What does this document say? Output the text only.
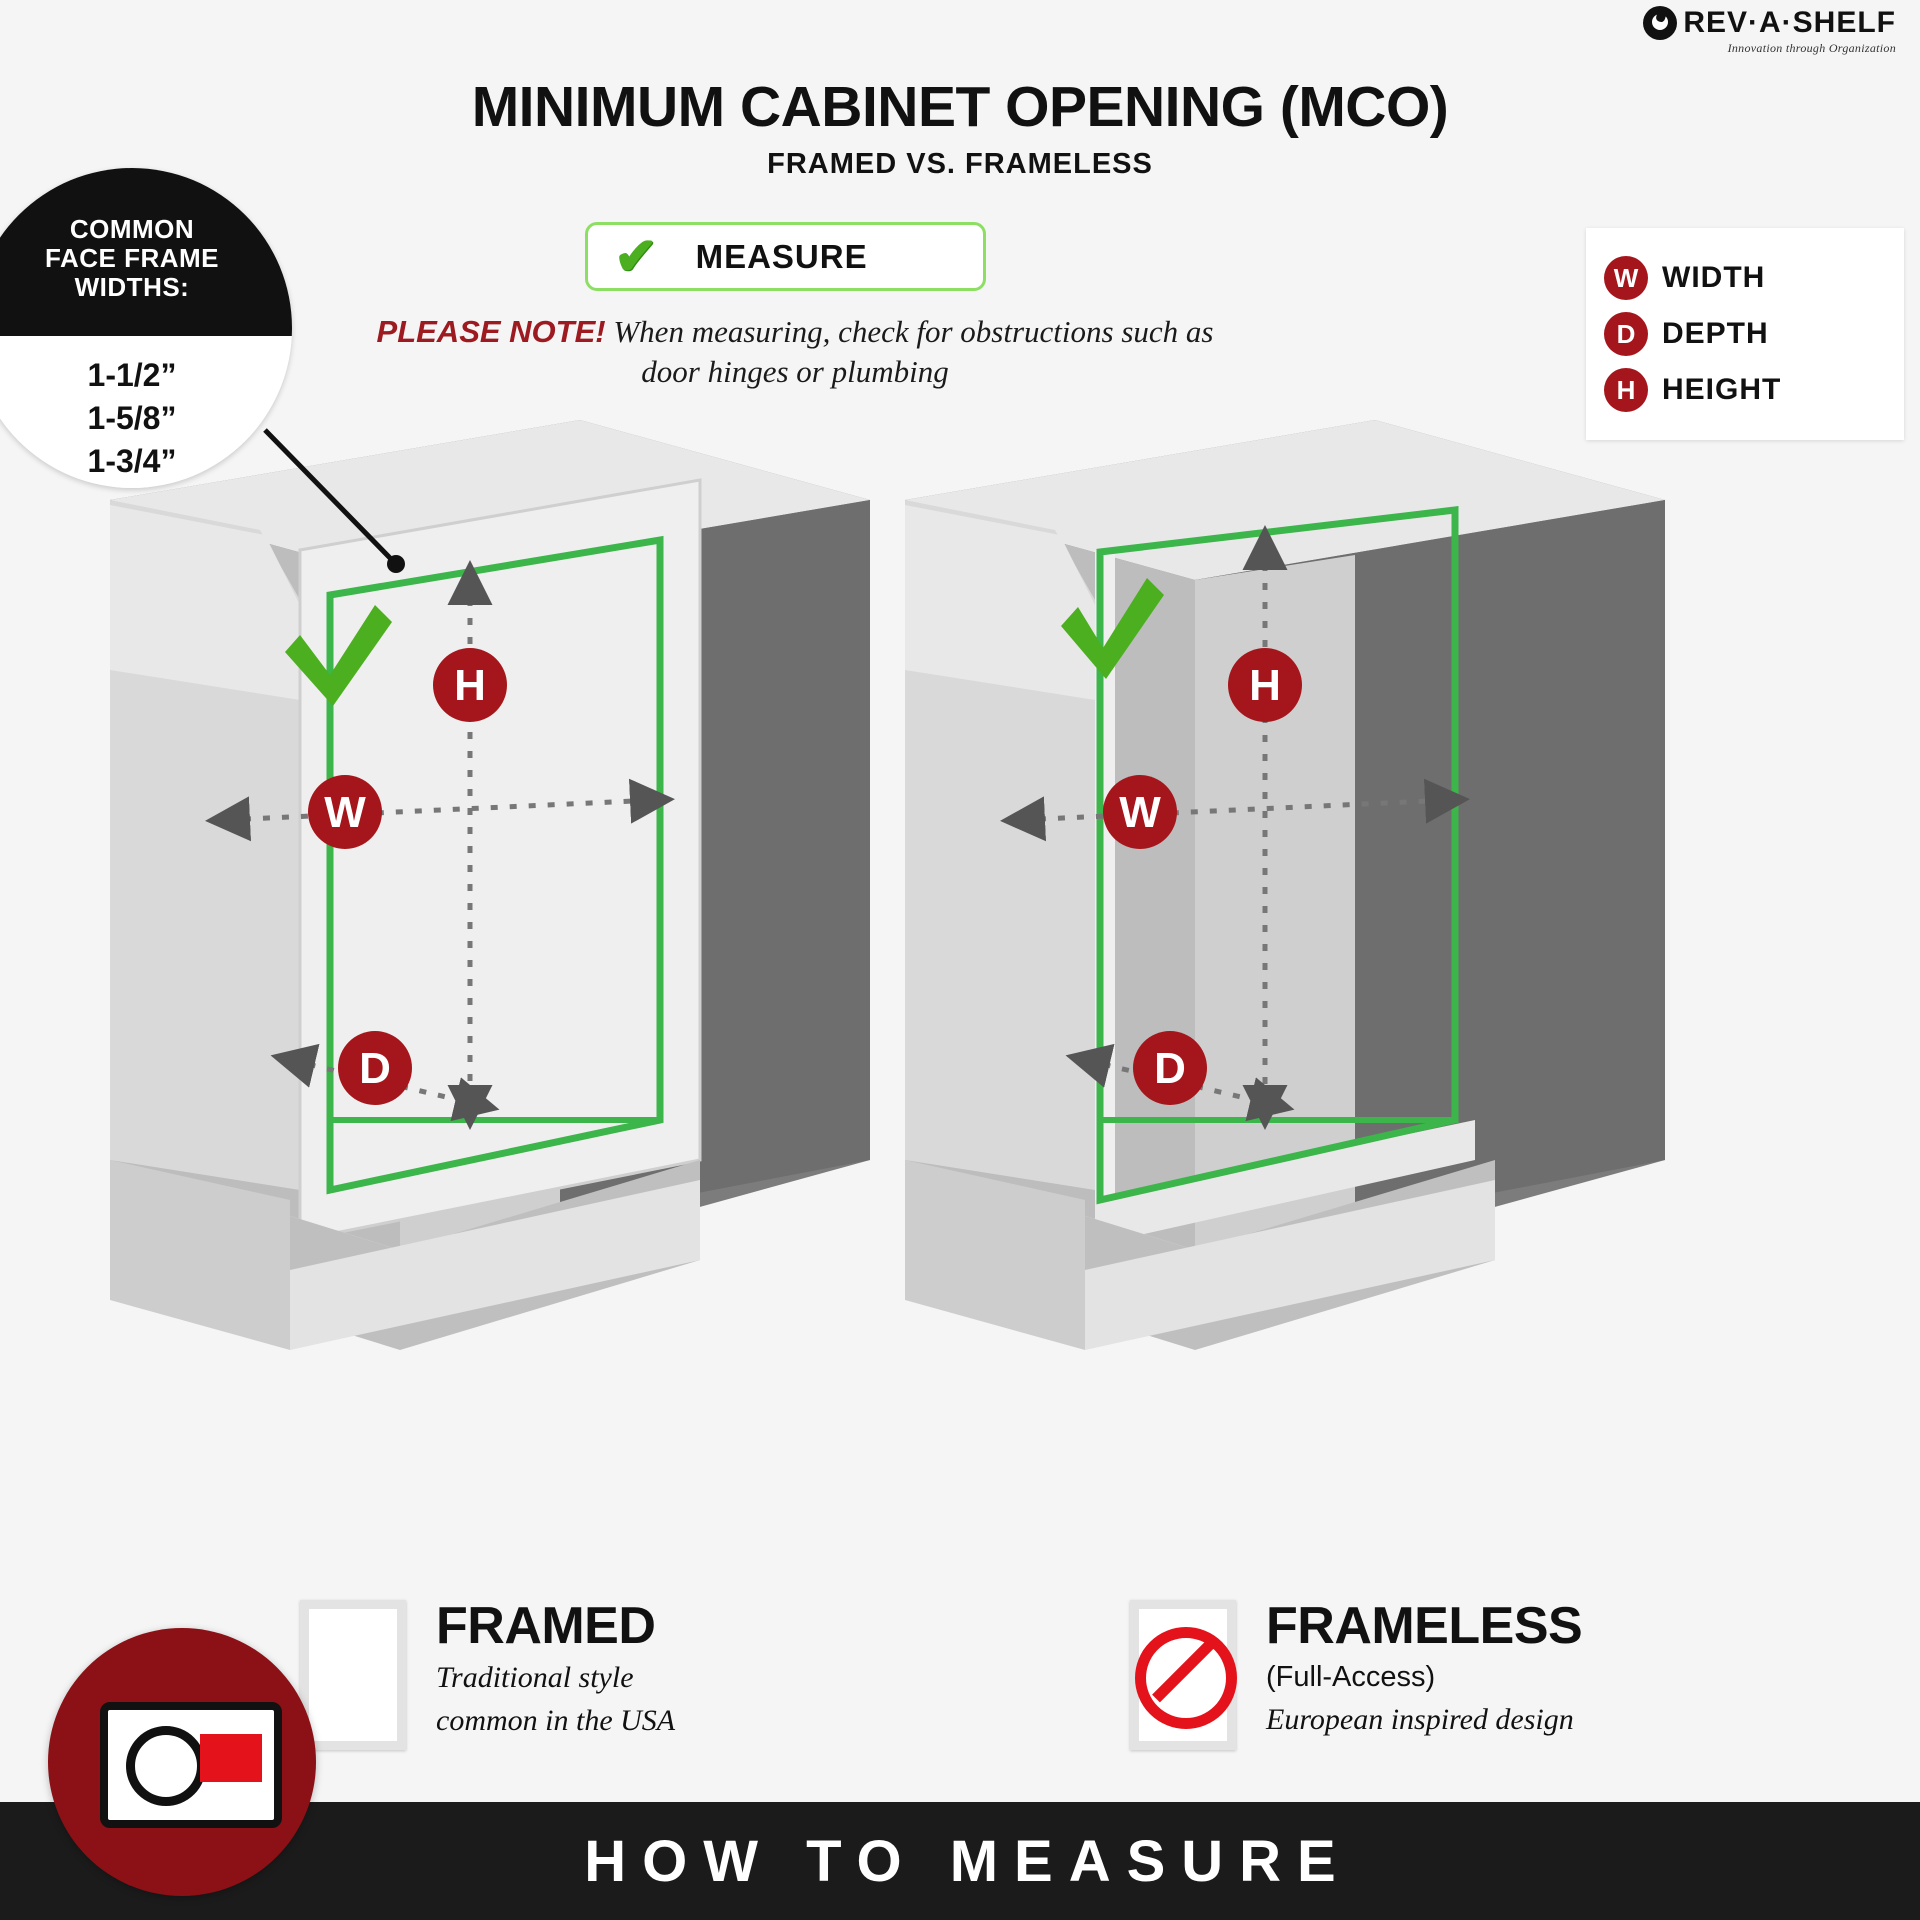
REV·A·SHELF
Innovation through Organization
MINIMUM CABINET OPENING (MCO)
FRAMED VS. FRAMELESS
✔ MEASURE
PLEASE NOTE! When measuring, check for obstructions such as door hinges or plumbing
W WIDTH
D DEPTH
H HEIGHT
COMMON
FACE FRAME
WIDTHS:
1-1/2”
1-5/8”
1-3/4”
H
W
D
H
W
D
FRAMED
Traditional style
common in the USA
FRAMELESS
(Full-Access)
European inspired design
HOW TO MEASURE
